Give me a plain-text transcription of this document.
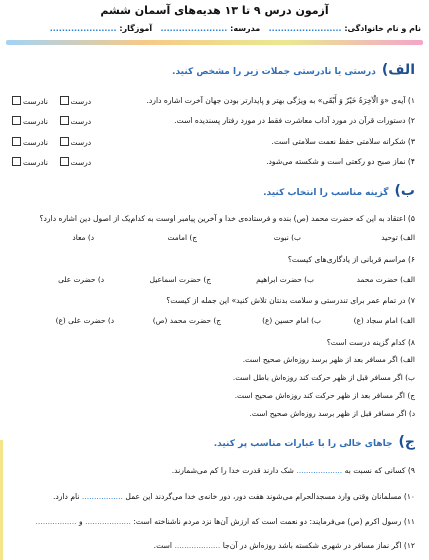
آزمون درس ۹ تا ۱۳ هدیه‌های آسمان ششم
نام و نام خانوادگی: ........................   مدرسه: ......................   آموزگار: ......................
الف)درستی یا نادرستی جملات زیر را مشخص کنید.
۱) آیه‌ی «وَ الْآخِرَةُ خَیْرٌ وَ أَبْقَی» به ویژگی بهتر و پایدارتر بودن جهان آخرت اشاره دارد.
درست    نادرست
۲) دستورات قرآن در مورد آداب معاشرت فقط در مورد رفتار پسندیده است.
درست    نادرست
۳) شکرانه سلامتی حفظ نعمت سلامتی است.
درست    نادرست
۴) نماز صبح دو رکعتی است و شکسته می‌شود.
درست    نادرست
ب)گزینه مناسب را انتخاب کنید.
۵) اعتقاد به این که حضرت محمد (ص) بنده و فرستاده‌ی خدا و آخرین پیامبر اوست به کدام‌یک از اصول دین اشاره دارد؟
الف) توحید
ب) نبوت
ج) امامت
د) معاد
۶) مراسم قربانی از یادگاری‌های کیست؟
الف) حضرت محمد
ب) حضرت ابراهیم
ج) حضرت اسماعیل
د) حضرت علی
۷) در تمام عمر برای تندرستی و سلامت بدنتان تلاش کنید» این جمله از کیست؟
الف) امام سجاد (ع)
ب) امام حسین (ع)
ج) حضرت محمد (ص)
د) حضرت علی (ع)
۸) کدام گزینه درست است؟
الف) اگر مسافر بعد از ظهر برسد روزه‌اش صحیح است.
ب) اگر مسافر قبل از ظهر حرکت کند روزه‌اش باطل است.
ج) اگر مسافر بعد از ظهر حرکت کند روزه‌اش صحیح است.
د) اگر مسافر قبل از ظهر برسد روزه‌اش صحیح است.
ج)جاهای خالی را با عبارات مناسب پر کنید.
۹) کسانی که نسبت به ................... شک دارند قدرت خدا را کم می‌شمارند.
۱۰) مسلمانان وقتی وارد مسجدالحرام می‌شوند هفت دور، دور خانه‌ی خدا می‌گردند این عمل ................. نام دارد.
۱۱) رسول اکرم (ص) می‌فرمایند: دو نعمت است که ارزش آن‌ها نزد مردم ناشناخته است: ................... و .................
۱۲) اگر نماز مسافر در شهری شکسته باشد روزه‌اش در آن‌جا ................... است.
